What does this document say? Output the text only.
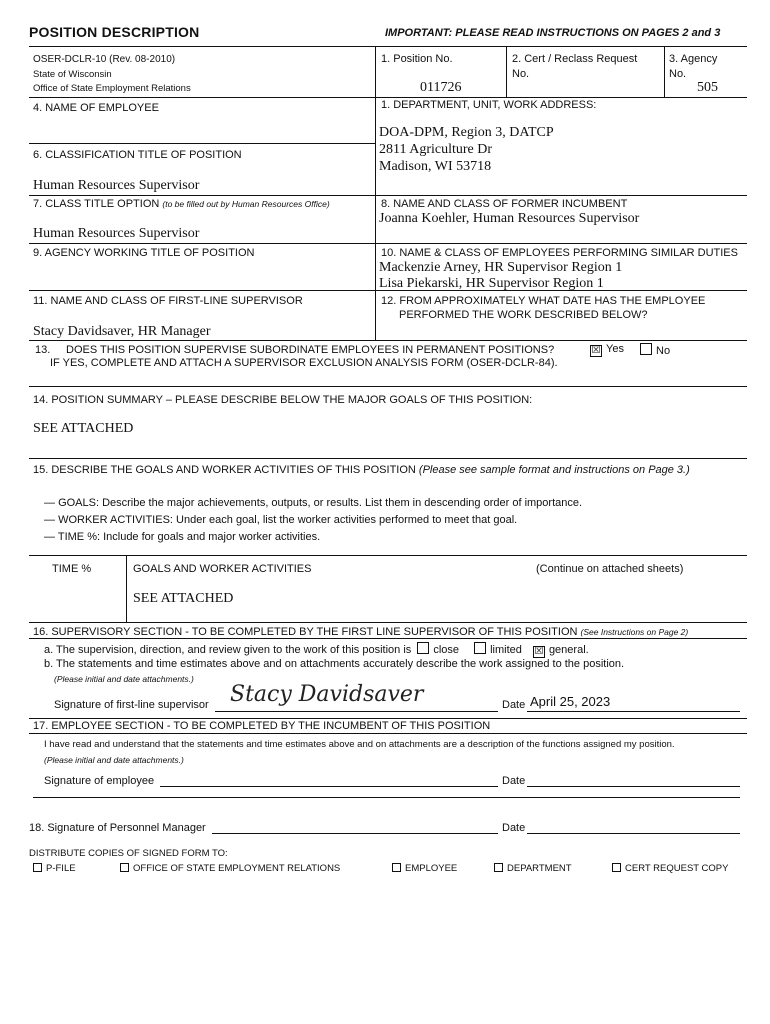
POSITION DESCRIPTION	IMPORTANT: PLEASE READ INSTRUCTIONS ON PAGES 2 and 3
OSER-DCLR-10 (Rev. 08-2010)
State of Wisconsin
Office of State Employment Relations
1. Position No.
011726
2. Cert / Reclass Request
No.
3. Agency
No.
505
4. NAME OF EMPLOYEE
6. CLASSIFICATION TITLE OF POSITION
Human Resources Supervisor
7. CLASS TITLE OPTION (to be filled out by Human Resources Office)
Human Resources Supervisor
9. AGENCY WORKING TITLE OF POSITION
11. NAME AND CLASS OF FIRST-LINE SUPERVISOR
Stacy Davidsaver, HR Manager
1. DEPARTMENT, UNIT, WORK ADDRESS:
DOA-DPM, Region 3, DATCP
2811 Agriculture Dr
Madison, WI 53718
8. NAME AND CLASS OF FORMER INCUMBENT
Joanna Koehler, Human Resources Supervisor
10. NAME & CLASS OF EMPLOYEES PERFORMING SIMILAR DUTIES
Mackenzie Arney, HR Supervisor Region 1
Lisa Piekarski, HR Supervisor Region 1
12. FROM APPROXIMATELY WHAT DATE HAS THE EMPLOYEE
PERFORMED THE WORK DESCRIBED BELOW?
13. DOES THIS POSITION SUPERVISE SUBORDINATE EMPLOYEES IN PERMANENT POSITIONS?	☒ Yes	No
IF YES, COMPLETE AND ATTACH A SUPERVISOR EXCLUSION ANALYSIS FORM (OSER-DCLR-84).
14. POSITION SUMMARY – PLEASE DESCRIBE BELOW THE MAJOR GOALS OF THIS POSITION:
SEE ATTACHED
15. DESCRIBE THE GOALS AND WORKER ACTIVITIES OF THIS POSITION (Please see sample format and instructions on Page 3.)
— GOALS: Describe the major achievements, outputs, or results. List them in descending order of importance.
— WORKER ACTIVITIES: Under each goal, list the worker activities performed to meet that goal.
— TIME %: Include for goals and major worker activities.
TIME %	GOALS AND WORKER ACTIVITIES	(Continue on attached sheets)
SEE ATTACHED
16. SUPERVISORY SECTION - TO BE COMPLETED BY THE FIRST LINE SUPERVISOR OF THIS POSITION (See Instructions on Page 2)
a. The supervision, direction, and review given to the work of this position is close	limited ☒ general.
b. The statements and time estimates above and on attachments accurately describe the work assigned to the position.
(Please initial and date attachments.)
Signature of first-line supervisor Stacy Davidsaver	Date April 25, 2023
17. EMPLOYEE SECTION - TO BE COMPLETED BY THE INCUMBENT OF THIS POSITION
I have read and understand that the statements and time estimates above and on attachments are a description of the functions assigned my position.
(Please initial and date attachments.)
Signature of employee	Date
18. Signature of Personnel Manager	Date
DISTRIBUTE COPIES OF SIGNED FORM TO:
P-FILE	OFFICE OF STATE EMPLOYMENT RELATIONS	EMPLOYEE	DEPARTMENT	CERT REQUEST COPY
